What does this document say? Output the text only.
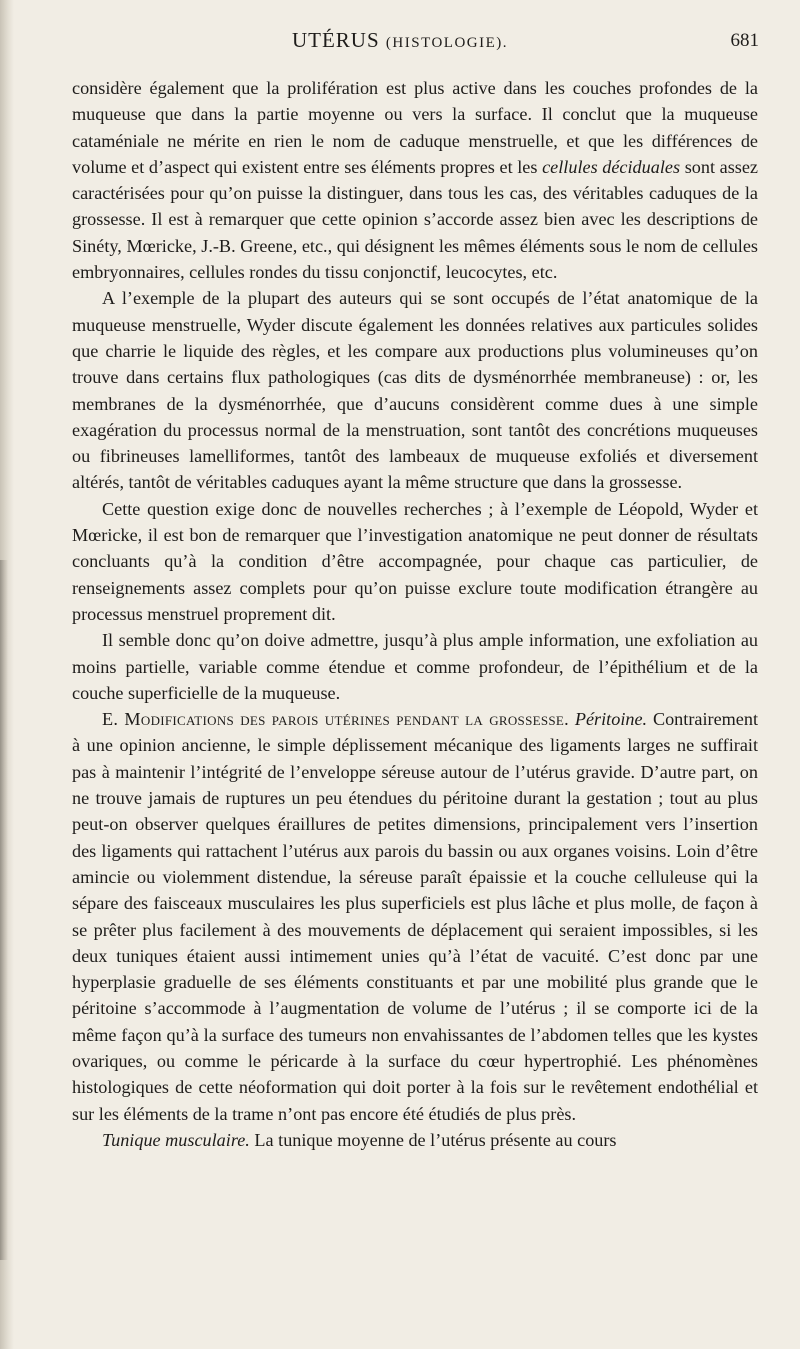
UTÉRUS (HISTOLOGIE).	681

considère également que la prolifération est plus active dans les couches profondes de la muqueuse que dans la partie moyenne ou vers la surface. Il conclut que la muqueuse cataméniale ne mérite en rien le nom de caduque menstruelle, et que les différences de volume et d’aspect qui existent entre ses éléments propres et les cellules déciduales sont assez caractérisées pour qu’on puisse la distinguer, dans tous les cas, des véritables caduques de la grossesse. Il est à remarquer que cette opinion s’accorde assez bien avec les descriptions de Sinéty, Mœricke, J.-B. Greene, etc., qui désignent les mêmes éléments sous le nom de cellules embryonnaires, cellules rondes du tissu conjonctif, leucocytes, etc.

A l’exemple de la plupart des auteurs qui se sont occupés de l’état anatomique de la muqueuse menstruelle, Wyder discute également les données relatives aux particules solides que charrie le liquide des règles, et les compare aux productions plus volumineuses qu’on trouve dans certains flux pathologiques (cas dits de dysménorrhée membraneuse) : or, les membranes de la dysménorrhée, que d’aucuns considèrent comme dues à une simple exagération du processus normal de la menstruation, sont tantôt des concrétions muqueuses ou fibrineuses lamelliformes, tantôt des lambeaux de muqueuse exfoliés et diversement altérés, tantôt de véritables caduques ayant la même structure que dans la grossesse.

Cette question exige donc de nouvelles recherches ; à l’exemple de Léopold, Wyder et Mœricke, il est bon de remarquer que l’investigation anatomique ne peut donner de résultats concluants qu’à la condition d’être accompagnée, pour chaque cas particulier, de renseignements assez complets pour qu’on puisse exclure toute modification étrangère au processus menstruel proprement dit.

Il semble donc qu’on doive admettre, jusqu’à plus ample information, une exfoliation au moins partielle, variable comme étendue et comme profondeur, de l’épithélium et de la couche superficielle de la muqueuse.

E. Modifications des parois utérines pendant la grossesse. Péritoine. Contrairement à une opinion ancienne, le simple déplissement mécanique des ligaments larges ne suffirait pas à maintenir l’intégrité de l’enveloppe séreuse autour de l’utérus gravide. D’autre part, on ne trouve jamais de ruptures un peu étendues du péritoine durant la gestation ; tout au plus peut-on observer quelques éraillures de petites dimensions, principalement vers l’insertion des ligaments qui rattachent l’utérus aux parois du bassin ou aux organes voisins. Loin d’être amincie ou violemment distendue, la séreuse paraît épaissie et la couche celluleuse qui la sépare des faisceaux musculaires les plus superficiels est plus lâche et plus molle, de façon à se prêter plus facilement à des mouvements de déplacement qui seraient impossibles, si les deux tuniques étaient aussi intimement unies qu’à l’état de vacuité. C’est donc par une hyperplasie graduelle de ses éléments constituants et par une mobilité plus grande que le péritoine s’accommode à l’augmentation de volume de l’utérus ; il se comporte ici de la même façon qu’à la surface des tumeurs non envahissantes de l’abdomen telles que les kystes ovariques, ou comme le péricarde à la surface du cœur hypertrophié. Les phénomènes histologiques de cette néoformation qui doit porter à la fois sur le revêtement endothélial et sur les éléments de la trame n’ont pas encore été étudiés de plus près.

Tunique musculaire. La tunique moyenne de l’utérus présente au cours
